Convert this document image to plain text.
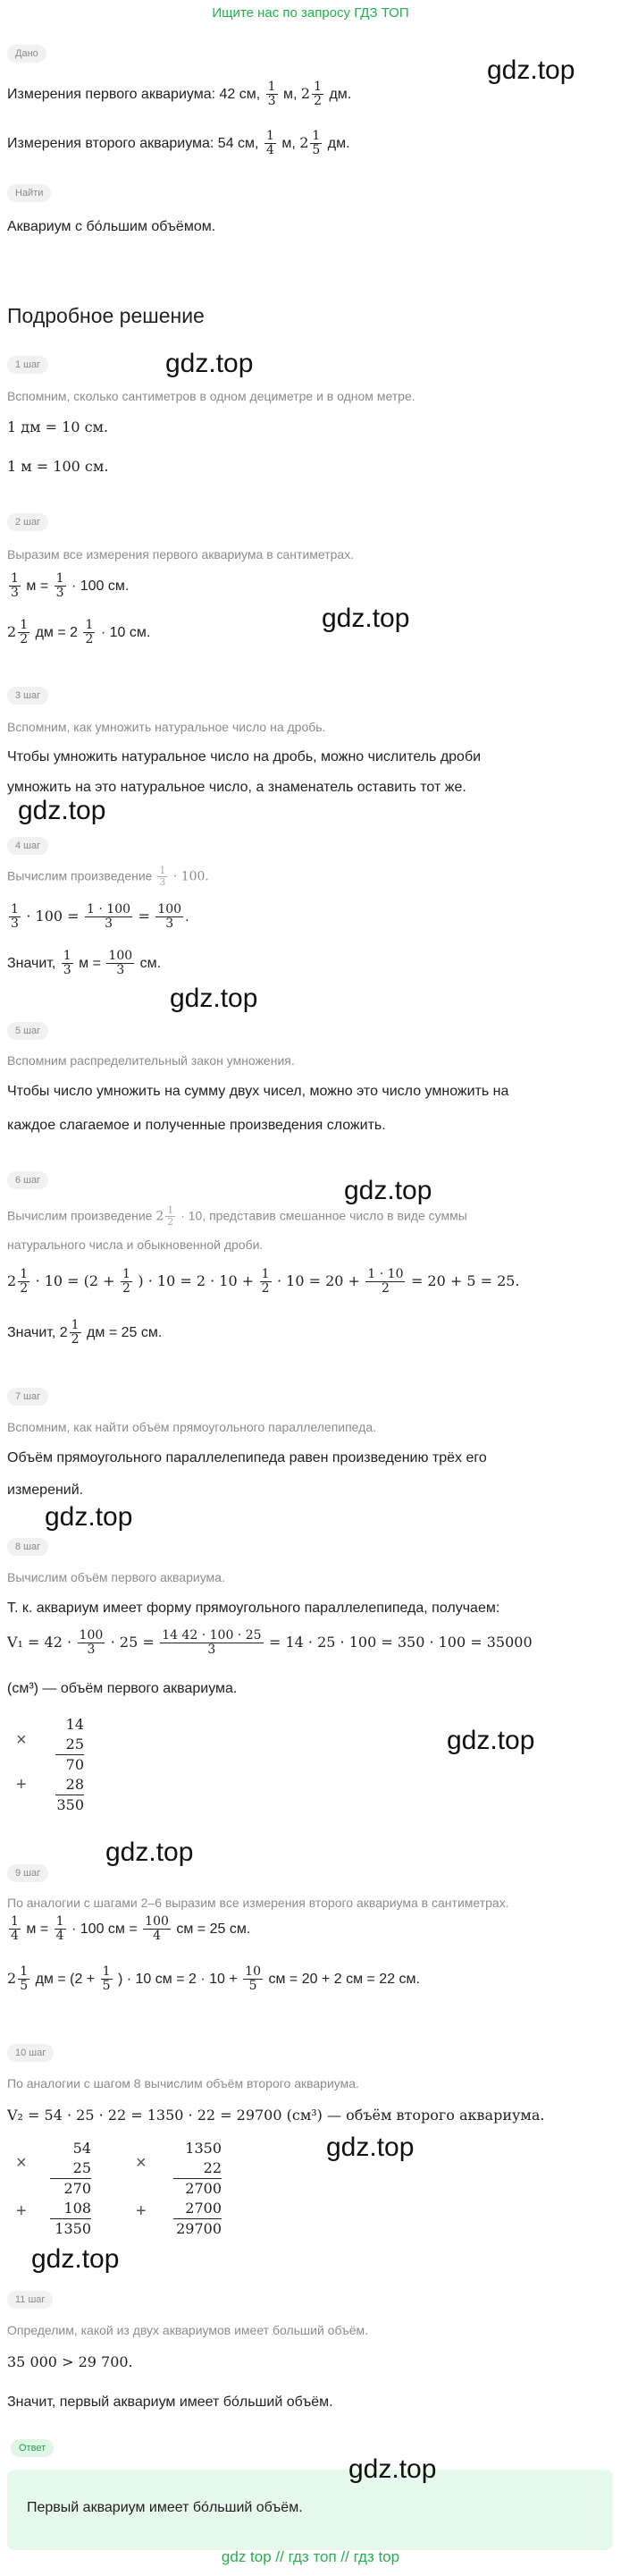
Ищите нас по запросу ГДЗ ТОП
Дано
Измерения первого аквариума: 42 см, $\frac{1}{3} м$, $2 \frac{1}{2}$ дм.
Измерения второго аквариума: 54 см, $\frac{1}{4} м$, $2 \frac{1}{5}$ дм.
Найти
Аквариум с бóльшим объёмом.
Подробное решение
1 шаг
Вспомним, сколько сантиметров в одном дециметре и в одном метре.
1 дм = 10 см.
1 м = 100 см.
2 шаг
Выразим все измерения первого аквариума в сантиметрах.
$\frac{1}{3}$ $м = \frac{1}{3} \cdot 100$ см.
$2 \frac{1}{2}$ дм = $2 \frac{1}{2} \cdot 10$ см.
3 шаг
Вспомним, как умножить натуральное число на дробь.
Чтобы умножить натуральное число на дробь, можно числитель дроби
умножить на это натуральное число, а знаменатель оставить тот же.
4 шаг
Вычислим произведение $\frac{1}{3} \cdot 100$.
$\frac{1}{3} \cdot 100 = \frac{1 \cdot 100}{3} = \frac{100}{3}$ .
Значит, $\frac{1}{3}$ $м = \frac{100}{3}$ см.
5 шаг
Вспомним распределительный закон умножения.
Чтобы число умножить на сумму двух чисел, можно это число умножить на
каждое слагаемое и полученные произведения сложить.
6 шаг
Вычислим произведение $2 \frac{1}{2} \cdot 10$, представив смешанное число в виде суммы
натурального числа и обыкновенной дроби.
$2 \frac{1}{2} \cdot 10 = (2 + \frac{1}{2}$ ) · $10 = 2 \cdot 10 + \frac{1}{2} \cdot 10 = 20 + \frac{1 \cdot 10}{2} = 20 + 5 = 25$.
Значит, $2 \frac{1}{2}$ дм = 25 см.
7 шаг
Вспомним, как найти объём прямоугольного параллелепипеда.
Объём прямоугольного параллелепипеда равен произведению трёх его
измерений.
8 шаг
Вычислим объём первого аквариума.
Т. к. аквариум имеет форму прямоугольного параллелепипеда, получаем:
$V_1 = 42 \cdot \frac{100}{3} \cdot 25 = \frac{14 42 \cdot 100 \cdot 25}{3} = 14 \cdot 25 \cdot 100 = 350 \cdot 100 = 35000$
(см³) — объём первого аквариума.
×
+
14
25
70
28
350
9 шаг
По аналогии с шагами 2–6 выразим все измерения второго аквариума в сантиметрах.
$\frac{1}{4}$ $м = \frac{1}{4} \cdot 100$ см = $\frac{100}{4}$ см = 25 см.
$2 \frac{1}{5}$ дм = ($2 + \frac{1}{5}$ ) · 10 см = $2 \cdot 10 + \frac{10}{5}$ см = 20 + 2 см = 22 см.
10 шаг
По аналогии с шагом 8 вычислим объём второго аквариума.
V₂ = 54 · 25 · 22 = 1350 · 22 = 29700 (см³) — объём второго аквариума.
×
+
54
25
270
108
1350
×
+
1350
22
2700
2700
29700
11 шаг
Определим, какой из двух аквариумов имеет больший объём.
35 000 > 29 700.
Значит, первый аквариум имеет бóльший объём.
Ответ
Первый аквариум имеет бóльший объём.
gdz.top
gdz.top
gdz.top
gdz.top
gdz.top
gdz.top
gdz.top
gdz.top
gdz.top
gdz.top
gdz.top
gdz.top
gdz top // гдз топ // гдз top
